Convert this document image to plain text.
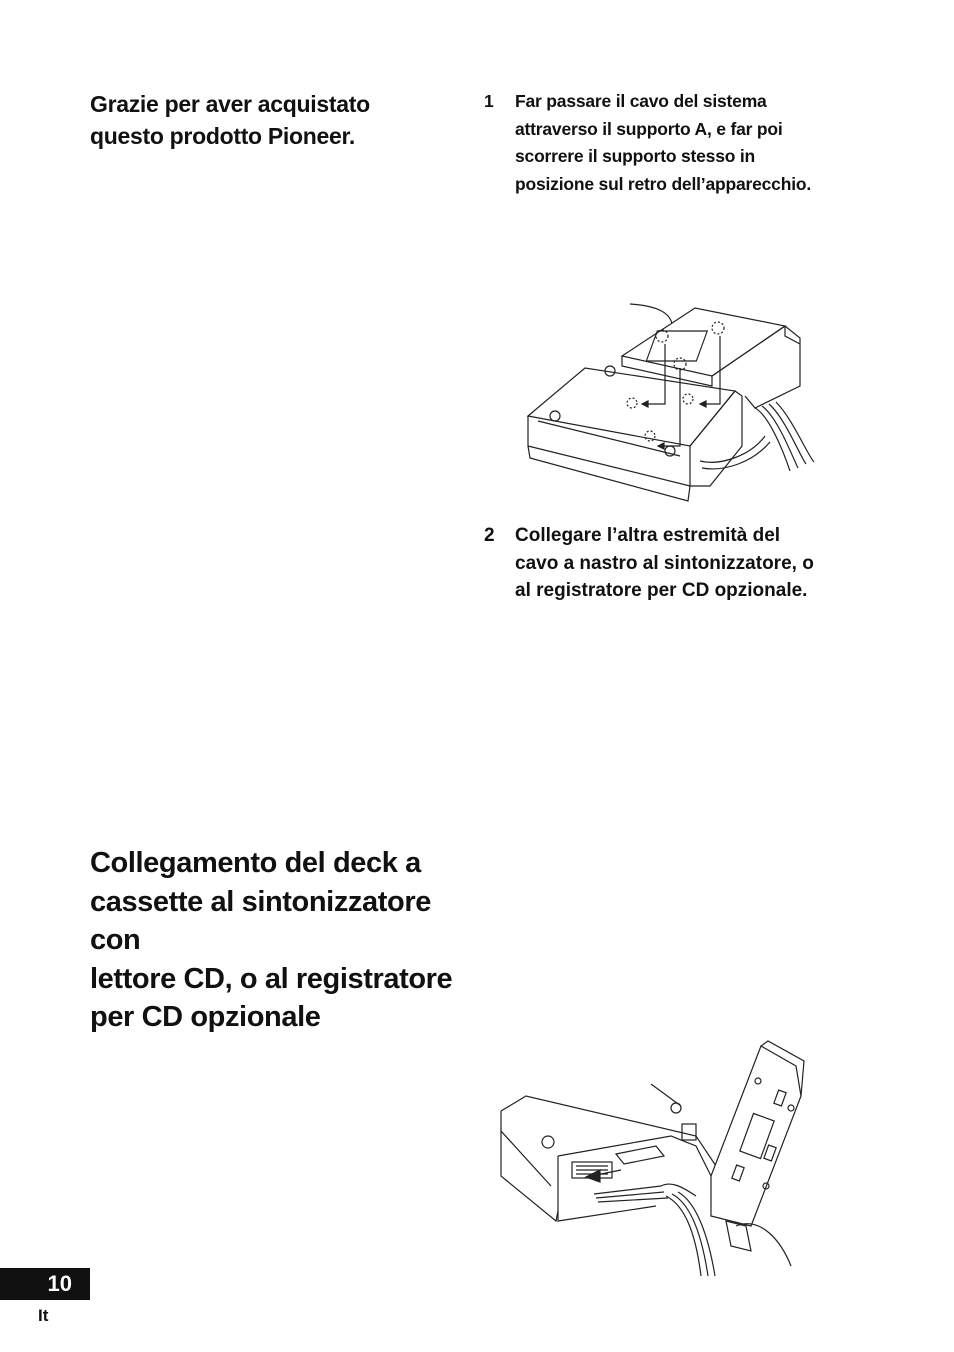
Grazie per aver acquistato
questo prodotto Pioneer.
1	Far passare il cavo del sistema
attraverso il supporto A, e far poi
scorrere il supporto stesso in
posizione sul retro dell’apparecchio.
2	Collegare l’altra estremità del
cavo a nastro al sintonizzatore, o
al registratore per CD opzionale.
Collegamento del deck a
cassette al sintonizzatore con
lettore CD, o al registratore
per CD opzionale
10
It
